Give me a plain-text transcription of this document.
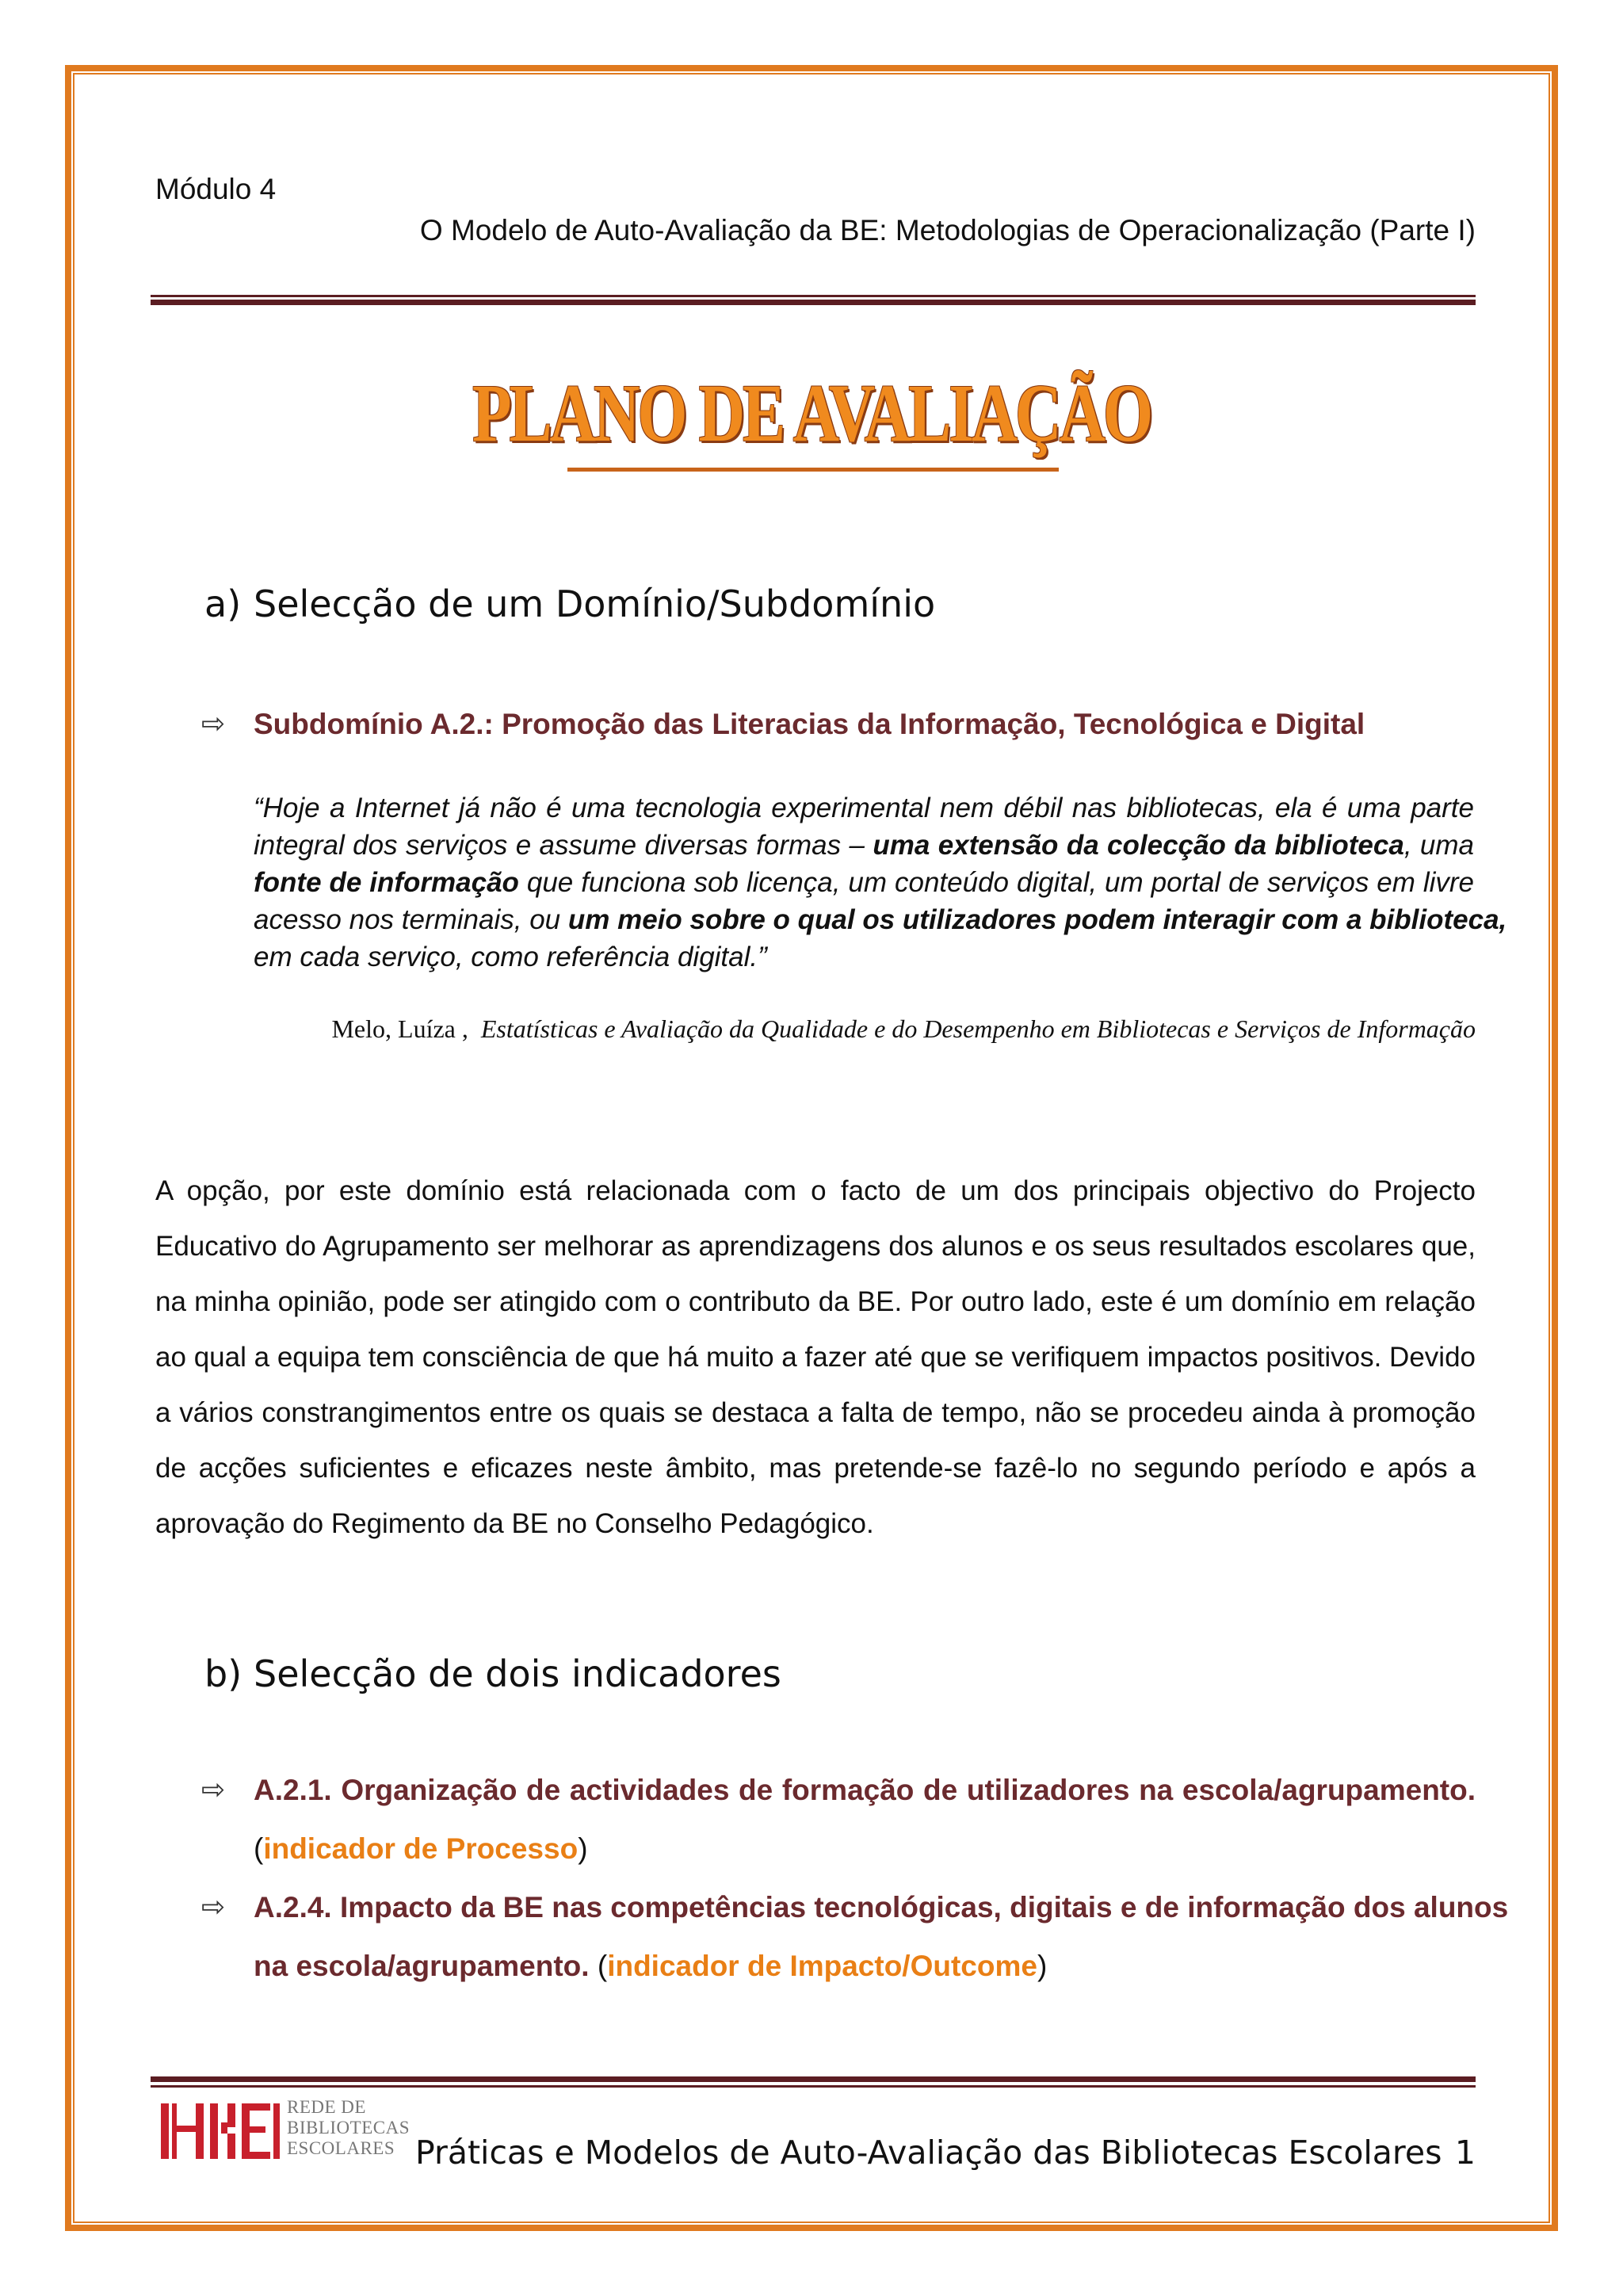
Módulo 4
O Modelo de Auto-Avaliação da BE: Metodologias de Operacionalização (Parte I)
PLANO DE AVALIAÇÃO
a) Selecção de um Domínio/Subdomínio
⇨ Subdomínio A.2.: Promoção das Literacias da Informação, Tecnológica e Digital
“Hoje a Internet já não é uma tecnologia experimental nem débil nas bibliotecas, ela é uma parte
integral dos serviços e assume diversas formas – uma extensão da colecção da biblioteca, uma
fonte de informação que funciona sob licença, um conteúdo digital, um portal de serviços em livre
acesso nos terminais, ou um meio sobre o qual os utilizadores podem interagir com a biblioteca,
em cada serviço, como referência digital.”
Melo, Luíza , Estatísticas e Avaliação da Qualidade e do Desempenho em Bibliotecas e Serviços de Informação
A opção, por este domínio está relacionada com o facto de um dos principais objectivo do Projecto
Educativo do Agrupamento ser melhorar as aprendizagens dos alunos e os seus resultados escolares que,
na minha opinião, pode ser atingido com o contributo da BE. Por outro lado, este é um domínio em relação
ao qual a equipa tem consciência de que há muito a fazer até que se verifiquem impactos positivos. Devido
a vários constrangimentos entre os quais se destaca a falta de tempo, não se procedeu ainda à promoção
de acções suficientes e eficazes neste âmbito, mas pretende-se fazê-lo no segundo período e após a
aprovação do Regimento da BE no Conselho Pedagógico.
b) Selecção de dois indicadores
⇨ A.2.1. Organização de actividades de formação de utilizadores na escola/agrupamento.
(indicador de Processo)
⇨ A.2.4. Impacto da BE nas competências tecnológicas, digitais e de informação dos alunos
na escola/agrupamento. (indicador de Impacto/Outcome)
REDE DE
BIBLIOTECAS
ESCOLARES Práticas e Modelos de Auto-Avaliação das Bibliotecas Escolares 1
